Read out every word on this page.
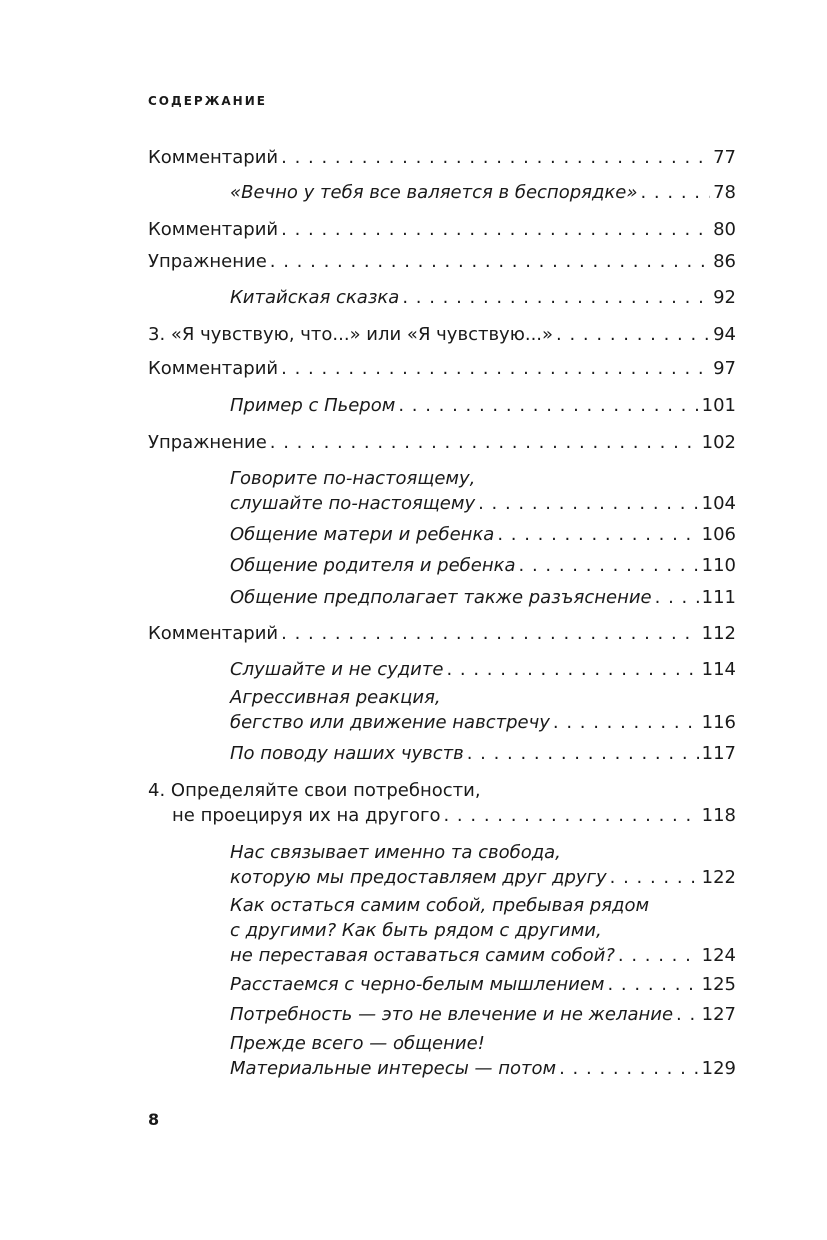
СОДЕРЖАНИЕ
Комментарий . . .	77
«Вечно у тебя все валяется в беспорядке» . . .	78
Комментарий . . .	80
Упражнение . . .	86
Китайская сказка . . .	92
3. «Я чувствую, что...» или «Я чувствую...» . . .	94
Комментарий . . .	97
Пример с Пьером . . .	101
Упражнение . . .	102
Говорите по-настоящему,
слушайте по-настоящему . . .	104
Общение матери и ребенка . . .	106
Общение родителя и ребенка . . .	110
Общение предполагает также разъяснение . . .	111
Комментарий . . .	112
Слушайте и не судите . . .	114
Агрессивная реакция,
бегство или движение навстречу . . .	116
По поводу наших чувств . . .	117
4. Определяйте свои потребности,
не проецируя их на другого . . .	118
Нас связывает именно та свобода,
которую мы предоставляем друг другу . . .	122
Как остаться самим собой, пребывая рядом
с другими? Как быть рядом с другими,
не переставая оставаться самим собой? . . .	124
Расстаемся с черно-белым мышлением . . .	125
Потребность — это не влечение и не желание . . . 127
Прежде всего — общение!
Материальные интересы — потом . . .	129
8
